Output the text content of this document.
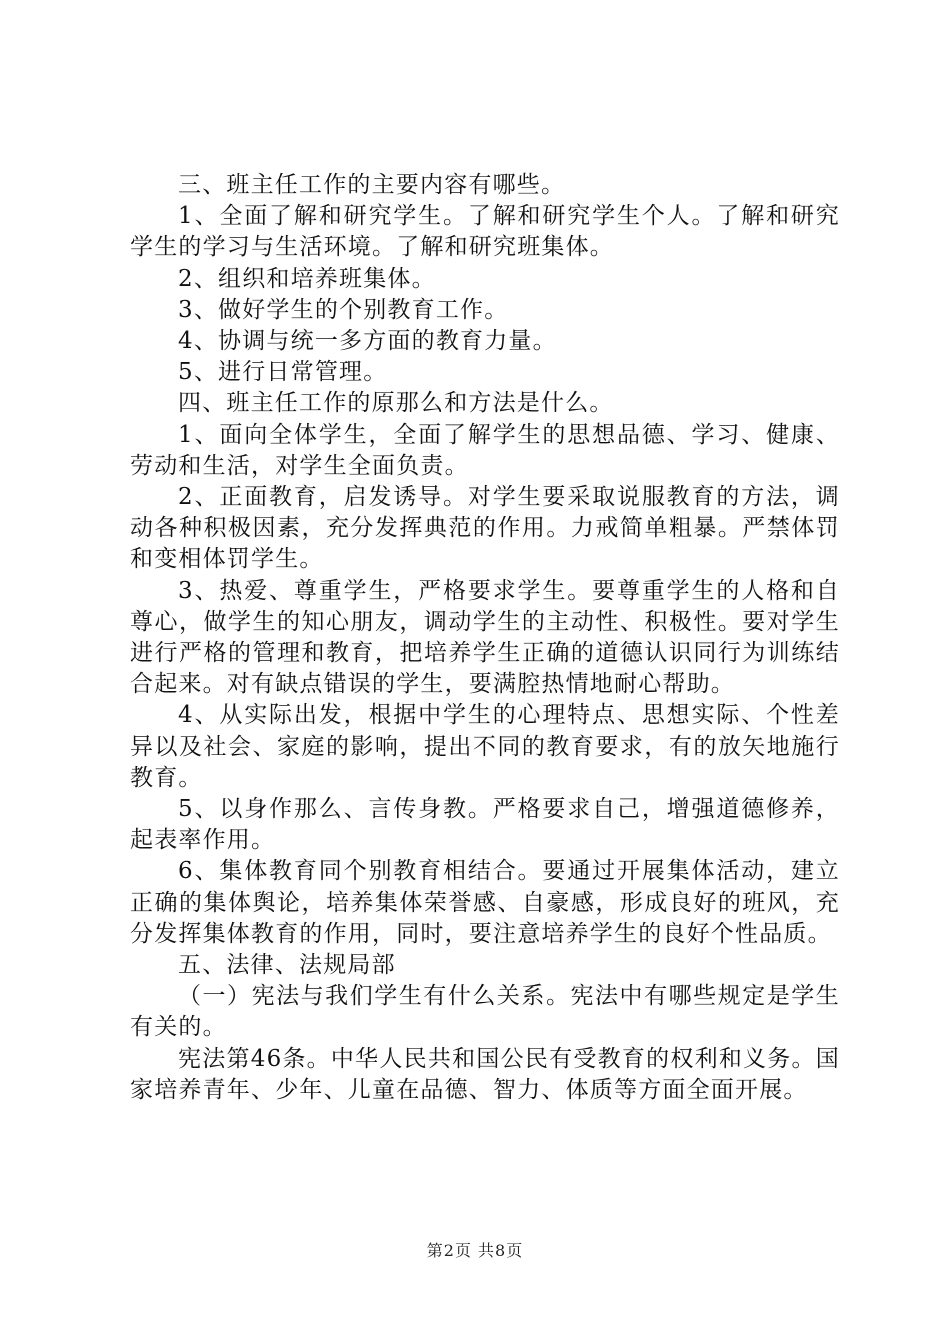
三、班主任工作的主要内容有哪些。

1、全面了解和研究学生。了解和研究学生个人。了解和研究学生的学习与生活环境。了解和研究班集体。

2、组织和培养班集体。

3、做好学生的个别教育工作。

4、协调与统一多方面的教育力量。

5、进行日常管理。

四、班主任工作的原那么和方法是什么。

1、面向全体学生，全面了解学生的思想品德、学习、健康、劳动和生活，对学生全面负责。

2、正面教育，启发诱导。对学生要采取说服教育的方法，调动各种积极因素，充分发挥典范的作用。力戒简单粗暴。严禁体罚和变相体罚学生。

3、热爱、尊重学生，严格要求学生。要尊重学生的人格和自尊心，做学生的知心朋友，调动学生的主动性、积极性。要对学生进行严格的管理和教育，把培养学生正确的道德认识同行为训练结合起来。对有缺点错误的学生，要满腔热情地耐心帮助。

4、从实际出发，根据中学生的心理特点、思想实际、个性差异以及社会、家庭的影响，提出不同的教育要求，有的放矢地施行教育。

5、以身作那么、言传身教。严格要求自己，增强道德修养，起表率作用。

6、集体教育同个别教育相结合。要通过开展集体活动，建立正确的集体舆论，培养集体荣誉感、自豪感，形成良好的班风，充分发挥集体教育的作用，同时，要注意培养学生的良好个性品质。

五、法律、法规局部

（一）宪法与我们学生有什么关系。宪法中有哪些规定是学生有关的。

宪法第46条。中华人民共和国公民有受教育的权利和义务。国家培养青年、少年、儿童在品德、智力、体质等方面全面开展。

第2页 共8页
